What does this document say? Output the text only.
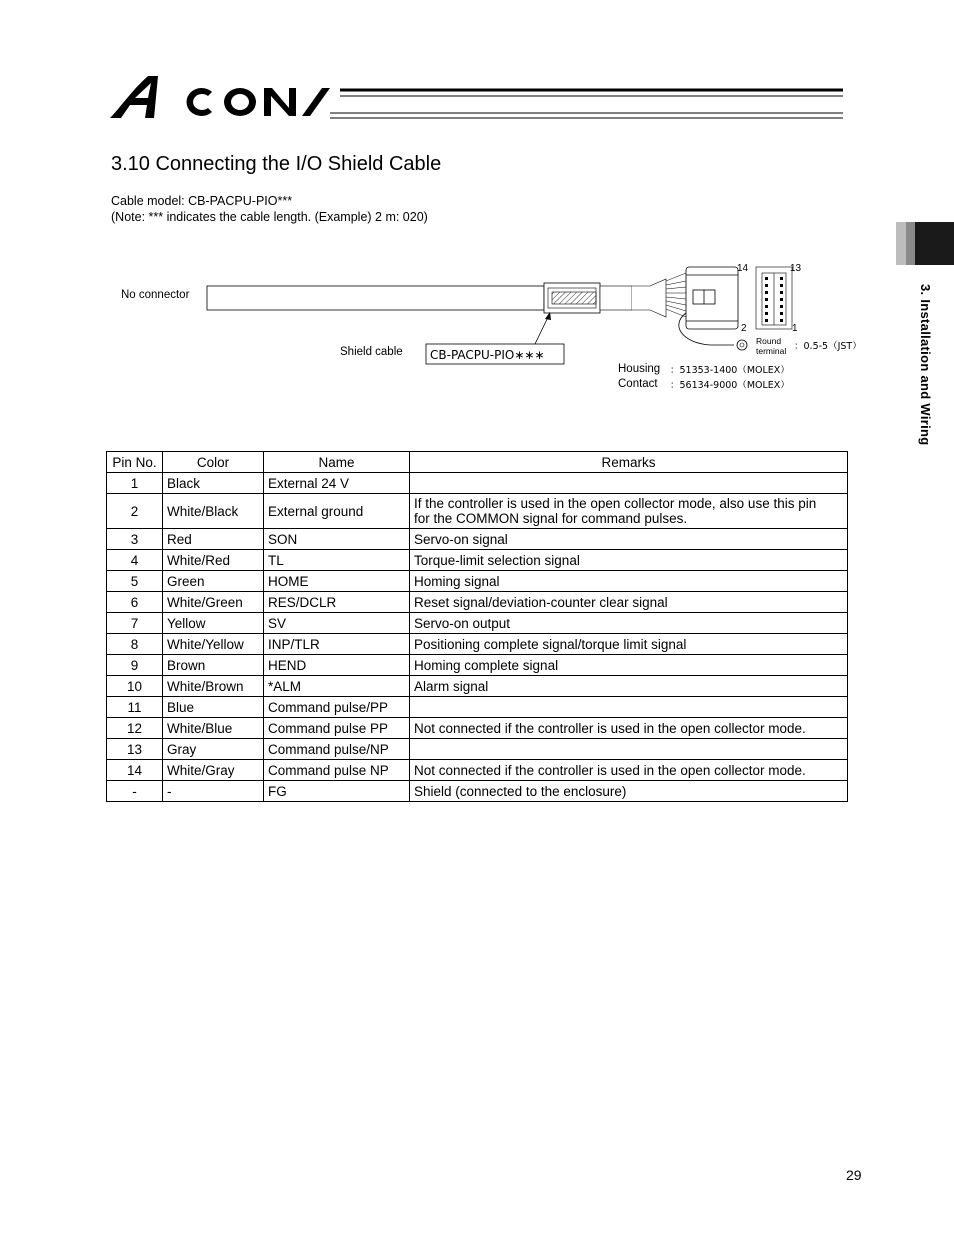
3. Installation and Wiring
3.10 Connecting the I/O Shield Cable
Cable model: CB-PACPU-PIO***
(Note: *** indicates the cable length. (Example) 2 m: 020)
No connector
14	13
2	1
Round
terminal ：0.5-5（JST）
Shield cable CB-PACPU-PIO∗∗∗
Housing ：51353-1400（MOLEX）
Contact ：56134-9000（MOLEX）
Pin No.	Color	Name	Remarks
1	Black	External 24 V	
2	White/Black	External ground	If the controller is used in the open collector mode, also use this pin
for the COMMON signal for command pulses.

3	Red	SON	Servo-on signal
4	White/Red	TL	Torque-limit selection signal
5	Green	HOME	Homing signal
6	White/Green	RES/DCLR	Reset signal/deviation-counter clear signal
7	Yellow	SV	Servo-on output
8	White/Yellow	INP/TLR	Positioning complete signal/torque limit signal
9	Brown	HEND	Homing complete signal
10	White/Brown	*ALM	Alarm signal
11	Blue	Command pulse/PP	
12	White/Blue	Command pulse PP	Not connected if the controller is used in the open collector mode.
13	Gray	Command pulse/NP	
14	White/Gray	Command pulse NP	Not connected if the controller is used in the open collector mode.
-	-	FG	Shield (connected to the enclosure)
29
